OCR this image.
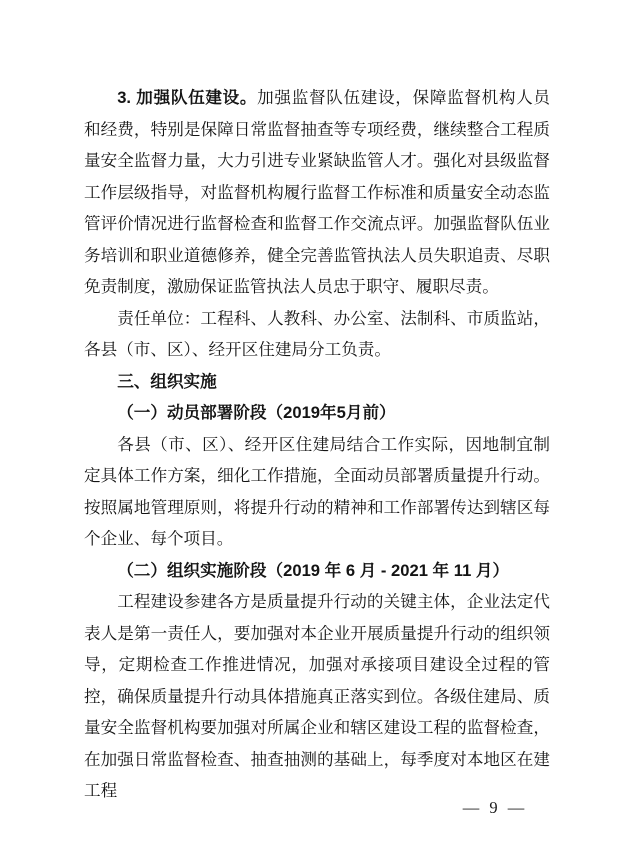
3. 加强队伍建设。加强监督队伍建设，保障监督机构人员和经费，特别是保障日常监督抽查等专项经费，继续整合工程质量安全监督力量，大力引进专业紧缺监管人才。强化对县级监督工作层级指导，对监督机构履行监督工作标准和质量安全动态监管评价情况进行监督检查和监督工作交流点评。加强监督队伍业务培训和职业道德修养，健全完善监管执法人员失职追责、尽职免责制度，激励保证监管执法人员忠于职守、履职尽责。

责任单位：工程科、人教科、办公室、法制科、市质监站，各县（市、区）、经开区住建局分工负责。

三、组织实施

（一）动员部署阶段（2019年5月前）

各县（市、区）、经开区住建局结合工作实际，因地制宜制定具体工作方案，细化工作措施，全面动员部署质量提升行动。按照属地管理原则，将提升行动的精神和工作部署传达到辖区每个企业、每个项目。

（二）组织实施阶段（2019 年 6 月 - 2021 年 11 月）

工程建设参建各方是质量提升行动的关键主体，企业法定代表人是第一责任人，要加强对本企业开展质量提升行动的组织领导，定期检查工作推进情况，加强对承接项目建设全过程的管控，确保质量提升行动具体措施真正落实到位。各级住建局、质量安全监督机构要加强对所属企业和辖区建设工程的监督检查，在加强日常监督检查、抽查抽测的基础上，每季度对本地区在建工程

— 9 —
